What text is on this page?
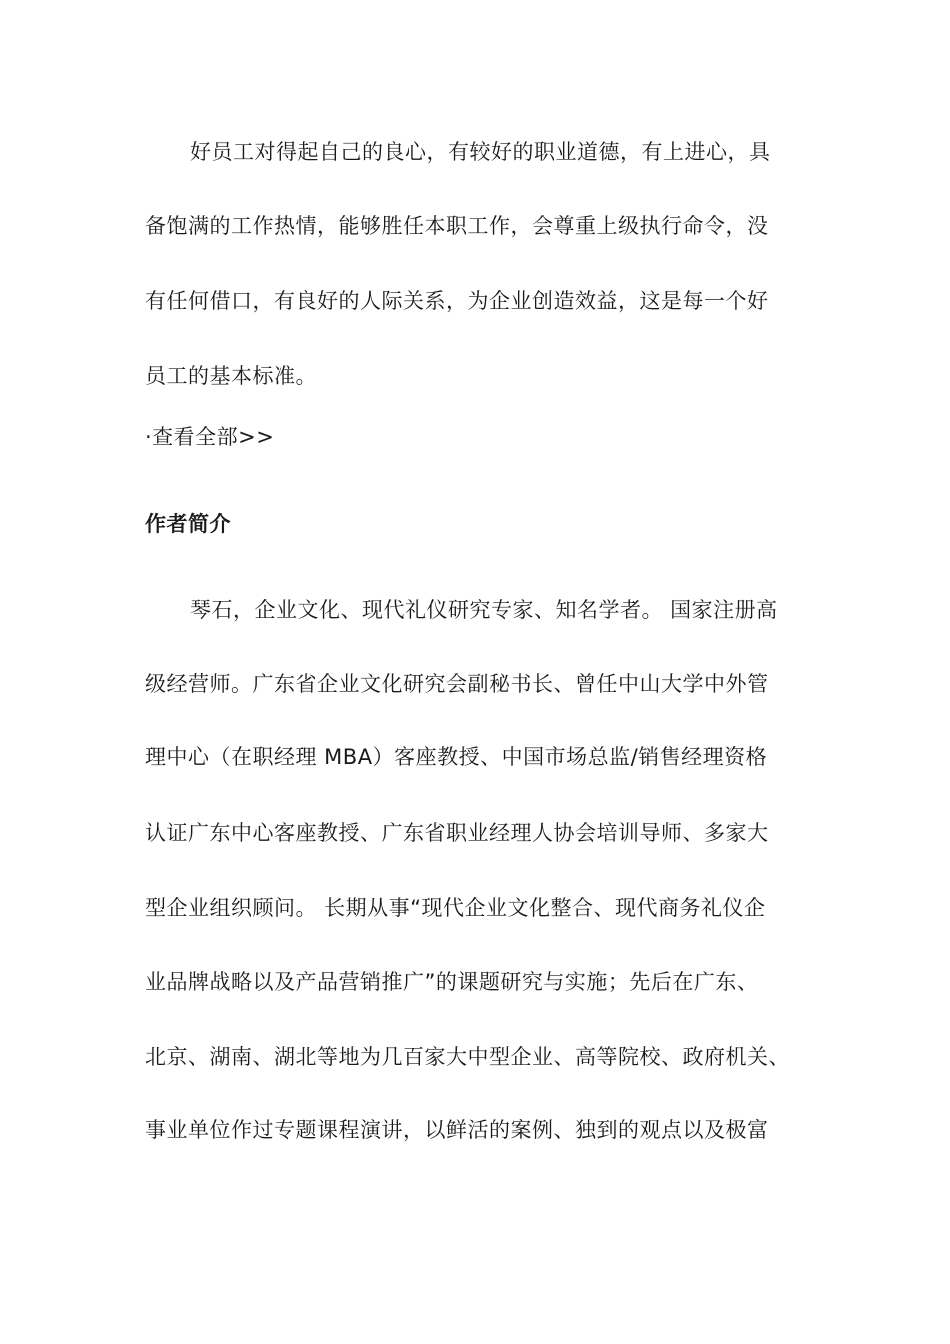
好员工对得起自己的良心，有较好的职业道德，有上进心，具
备饱满的工作热情，能够胜任本职工作，会尊重上级执行命令，没
有任何借口，有良好的人际关系，为企业创造效益，这是每一个好
员工的基本标准。
·查看全部>>
作者简介
琴石，企业文化、现代礼仪研究专家、知名学者。 国家注册高
级经营师。广东省企业文化研究会副秘书长、曾任中山大学中外管
理中心（在职经理 MBA）客座教授、中国市场总监/销售经理资格
认证广东中心客座教授、广东省职业经理人协会培训导师、多家大
型企业组织顾问。 长期从事“现代企业文化整合、现代商务礼仪企
业品牌战略以及产品营销推广”的课题研究与实施；先后在广东、
北京、湖南、湖北等地为几百家大中型企业、高等院校、政府机关、
事业单位作过专题课程演讲，以鲜活的案例、独到的观点以及极富
